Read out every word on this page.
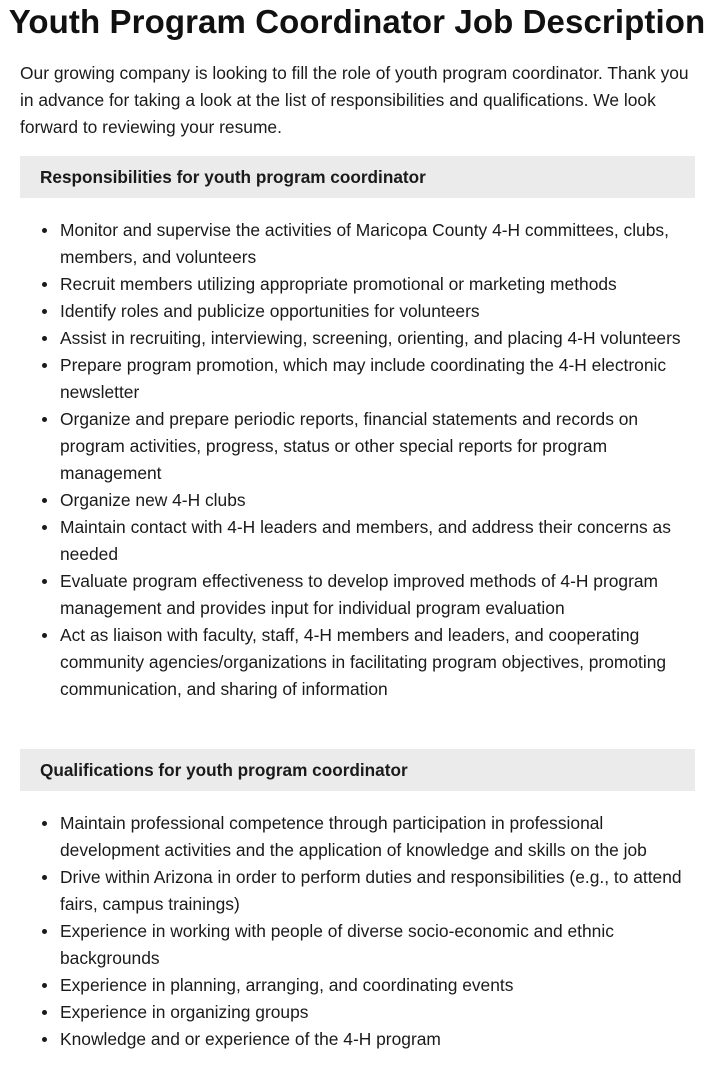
Youth Program Coordinator Job Description

Our growing company is looking to fill the role of youth program coordinator. Thank you in advance for taking a look at the list of responsibilities and qualifications. We look forward to reviewing your resume.

Responsibilities for youth program coordinator
Monitor and supervise the activities of Maricopa County 4-H committees, clubs, members, and volunteers
Recruit members utilizing appropriate promotional or marketing methods
Identify roles and publicize opportunities for volunteers
Assist in recruiting, interviewing, screening, orienting, and placing 4-H volunteers
Prepare program promotion, which may include coordinating the 4-H electronic newsletter
Organize and prepare periodic reports, financial statements and records on program activities, progress, status or other special reports for program management
Organize new 4-H clubs
Maintain contact with 4-H leaders and members, and address their concerns as needed
Evaluate program effectiveness to develop improved methods of 4-H program management and provides input for individual program evaluation
Act as liaison with faculty, staff, 4-H members and leaders, and cooperating community agencies/organizations in facilitating program objectives, promoting communication, and sharing of information
Qualifications for youth program coordinator
Maintain professional competence through participation in professional development activities and the application of knowledge and skills on the job
Drive within Arizona in order to perform duties and responsibilities (e.g., to attend fairs, campus trainings)
Experience in working with people of diverse socio-economic and ethnic backgrounds
Experience in planning, arranging, and coordinating events
Experience in organizing groups
Knowledge and or experience of the 4-H program
